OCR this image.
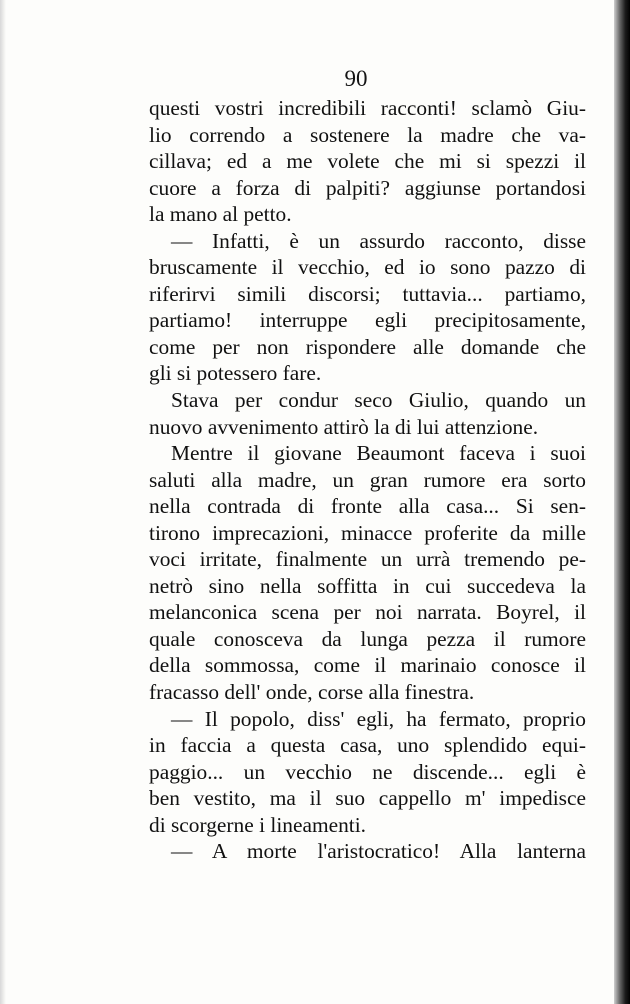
90
questi vostri incredibili racconti! sclamò Giu-
lio correndo a sostenere la madre che va-
cillava; ed a me volete che mi si spezzi il
cuore a forza di palpiti? aggiunse portandosi
la mano al petto.
— Infatti, è un assurdo racconto, disse
bruscamente il vecchio, ed io sono pazzo di
riferirvi simili discorsi; tuttavia... partiamo,
partiamo! interruppe egli precipitosamente,
come per non rispondere alle domande che
gli si potessero fare.
Stava per condur seco Giulio, quando un
nuovo avvenimento attirò la di lui attenzione.
Mentre il giovane Beaumont faceva i suoi
saluti alla madre, un gran rumore era sorto
nella contrada di fronte alla casa... Si sen-
tirono imprecazioni, minacce proferite da mille
voci irritate, finalmente un urrà tremendo pe-
netrò sino nella soffitta in cui succedeva la
melanconica scena per noi narrata. Boyrel, il
quale conosceva da lunga pezza il rumore
della sommossa, come il marinaio conosce il
fracasso dell' onde, corse alla finestra.
— Il popolo, diss' egli, ha fermato, proprio
in faccia a questa casa, uno splendido equi-
paggio... un vecchio ne discende... egli è
ben vestito, ma il suo cappello m' impedisce
di scorgerne i lineamenti.
— A morte l'aristocratico! Alla lanterna
